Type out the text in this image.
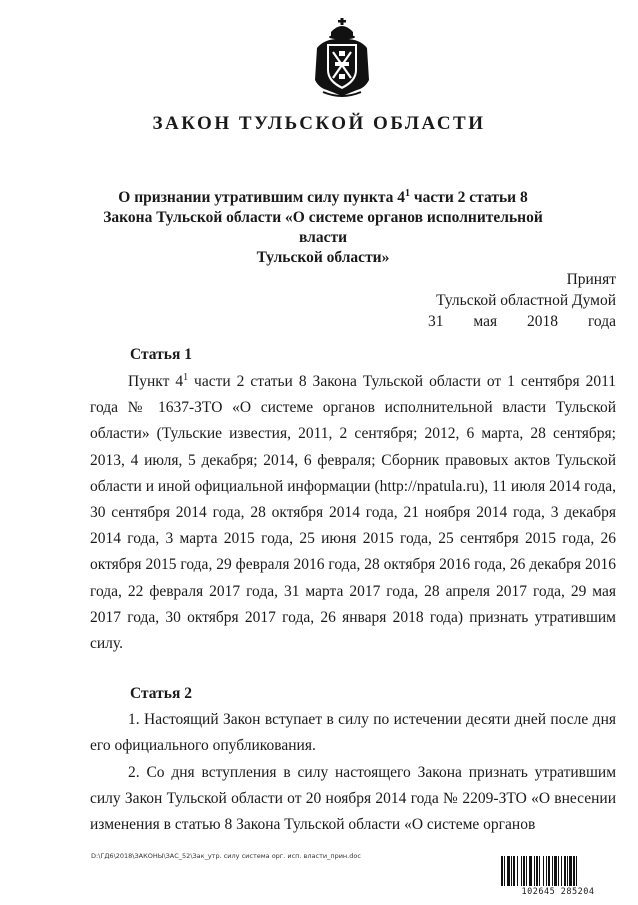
ЗАКОН ТУЛЬСКОЙ ОБЛАСТИ
О признании утратившим силу пункта $4^1$ части 2 статьи 8
Закона Тульской области «О системе органов исполнительной власти
Тульской области»
Принят
Тульской областной Думой
31 мая 2018 года
Статья 1
Пункт $4^1$ части 2 статьи 8 Закона Тульской области от 1 сентября 2011 года № 1637-ЗТО «О системе органов исполнительной власти Тульской области» (Тульские известия, 2011, 2 сентября; 2012, 6 марта, 28 сентября; 2013, 4 июля, 5 декабря; 2014, 6 февраля; Сборник правовых актов Тульской области и иной официальной информации (http://npatula.ru), 11 июля 2014 года, 30 сентября 2014 года, 28 октября 2014 года, 21 ноября 2014 года, 3 декабря 2014 года, 3 марта 2015 года, 25 июня 2015 года, 25 сентября 2015 года, 26 октября 2015 года, 29 февраля 2016 года, 28 октября 2016 года, 26 декабря 2016 года, 22 февраля 2017 года, 31 марта 2017 года, 28 апреля 2017 года, 29 мая 2017 года, 30 октября 2017 года, 26 января 2018 года) признать утратившим силу.
Статья 2
1. Настоящий Закон вступает в силу по истечении десяти дней после дня его официального опубликования.
2. Со дня вступления в силу настоящего Закона признать утратившим силу Закон Тульской области от 20 ноября 2014 года № 2209-ЗТО «О внесении изменения в статью 8 Закона Тульской области «О системе органов
D:\ГД6\2018\ЗАКОНЫ\ЗАС_52\Зак_утр. силу система орг. исп. власти_прин.doc
102645 285204
